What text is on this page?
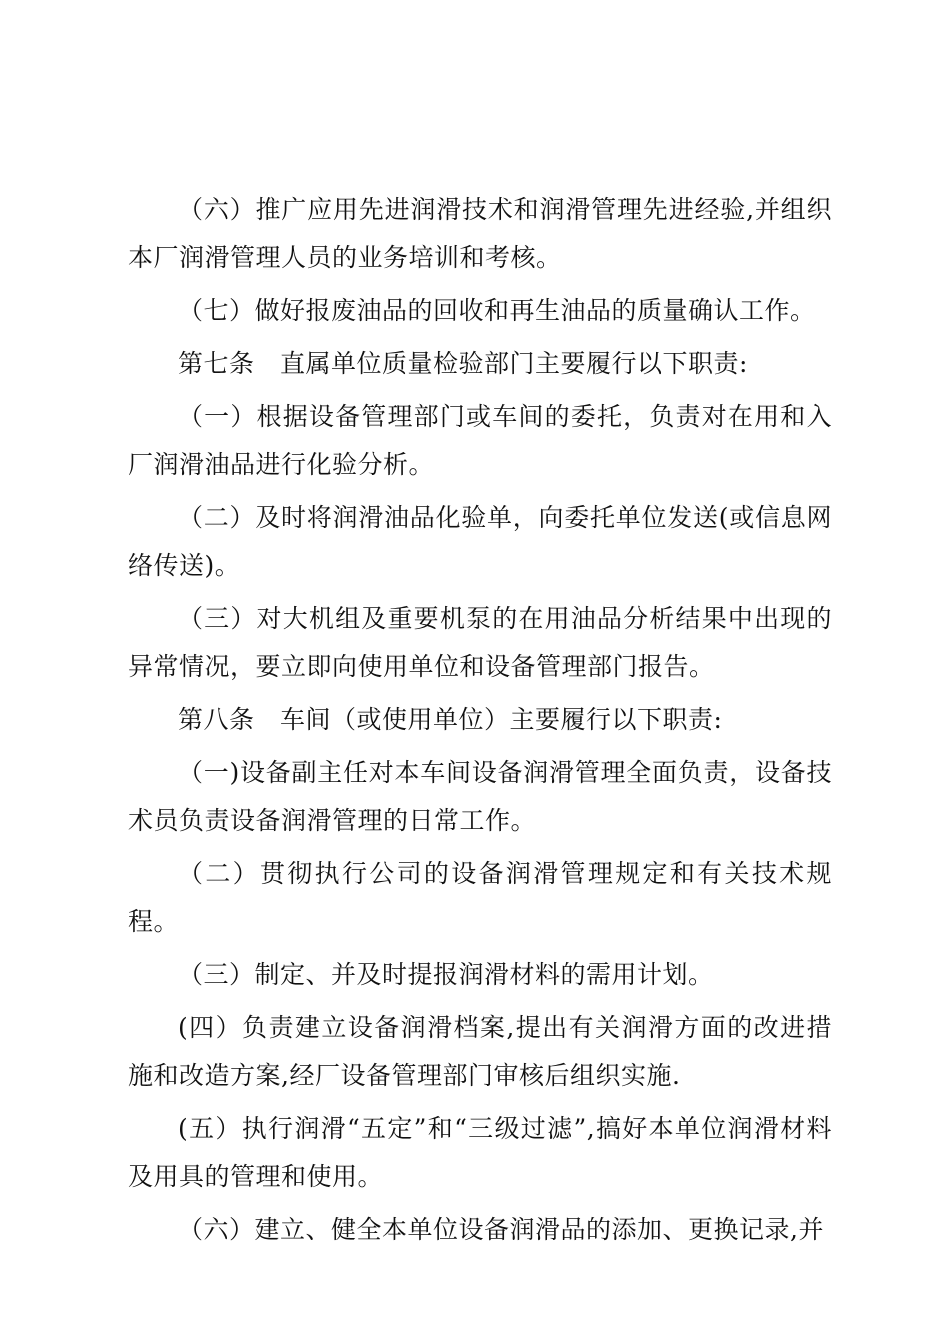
（六）推广应用先进润滑技术和润滑管理先进经验,并组织本厂润滑管理人员的业务培训和考核。

（七）做好报废油品的回收和再生油品的质量确认工作。

第七条　直属单位质量检验部门主要履行以下职责:

（一）根据设备管理部门或车间的委托，负责对在用和入厂润滑油品进行化验分析。

（二）及时将润滑油品化验单，向委托单位发送(或信息网络传送)。

（三）对大机组及重要机泵的在用油品分析结果中出现的异常情况，要立即向使用单位和设备管理部门报告。

第八条　车间（或使用单位）主要履行以下职责:

（一)设备副主任对本车间设备润滑管理全面负责，设备技术员负责设备润滑管理的日常工作。

（二）贯彻执行公司的设备润滑管理规定和有关技术规程。

（三）制定、并及时提报润滑材料的需用计划。

(四）负责建立设备润滑档案,提出有关润滑方面的改进措施和改造方案,经厂设备管理部门审核后组织实施.

(五）执行润滑“五定”和“三级过滤”,搞好本单位润滑材料及用具的管理和使用。

（六）建立、健全本单位设备润滑品的添加、更换记录,并
